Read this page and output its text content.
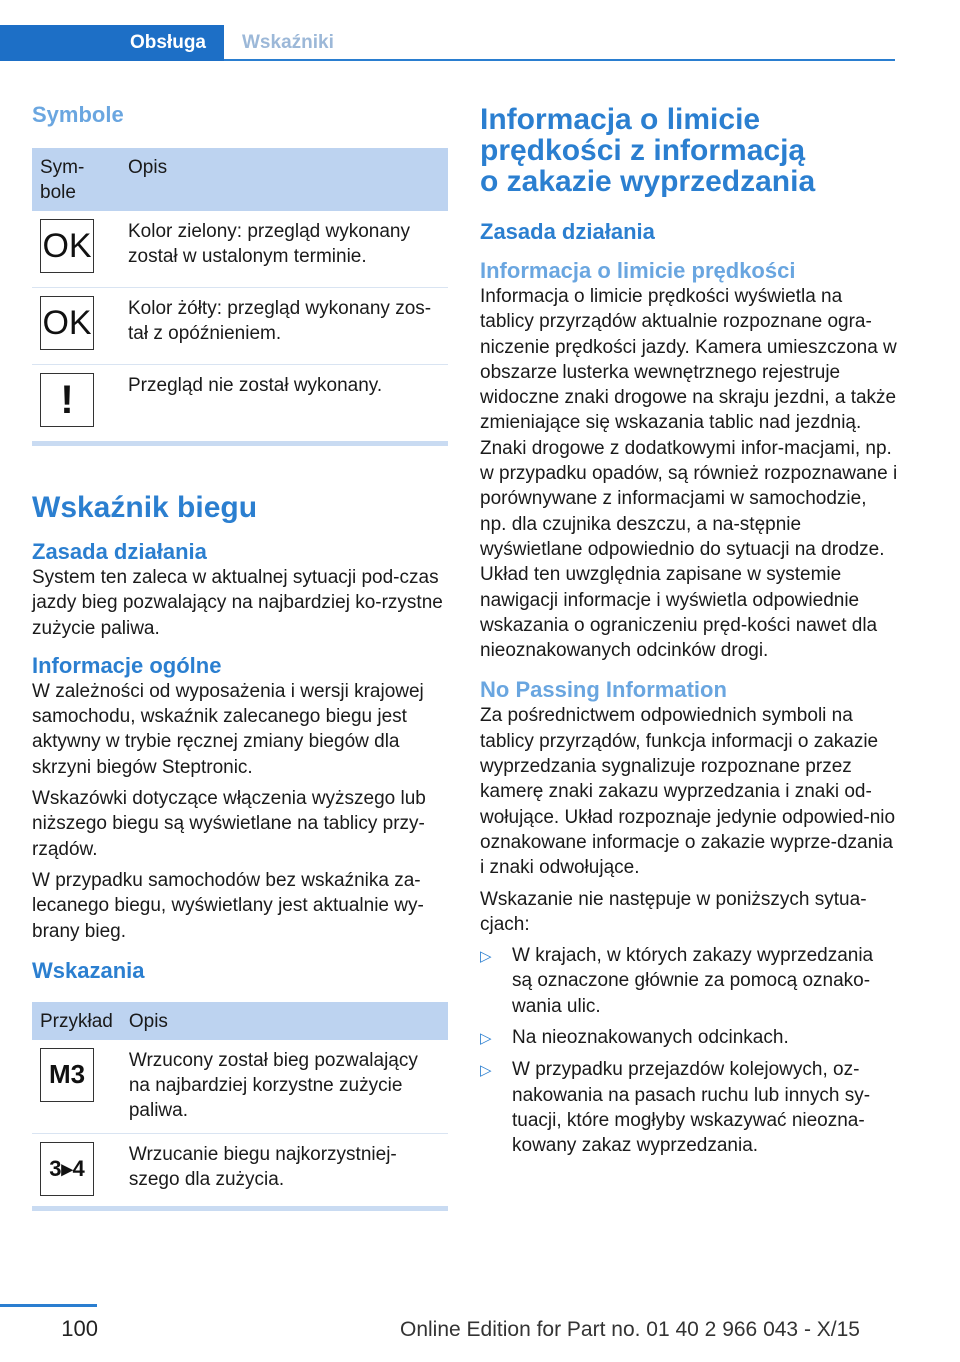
Obsługa	Wskaźniki
Symbole
Sym-
bole	Opis

OK	Kolor zielony: przegląd wykonany został w ustalonym terminie.

OK	Kolor żółty: przegląd wykonany zos-tał z opóźnieniem.

!	Przegląd nie został wykonany.
Wskaźnik biegu
Zasada działania

System ten zaleca w aktualnej sytuacji pod-czas jazdy bieg pozwalający na najbardziej ko-rzystne zużycie paliwa.

Informacje ogólne

W zależności od wyposażenia i wersji krajowej samochodu, wskaźnik zalecanego biegu jest aktywny w trybie ręcznej zmiany biegów dla skrzyni biegów Steptronic.

Wskazówki dotyczące włączenia wyższego lub niższego biegu są wyświetlane na tablicy przy-rządów.

W przypadku samochodów bez wskaźnika za-lecanego biegu, wyświetlany jest aktualnie wy-brany bieg.

Wskazania
Przykład	Opis

M3	Wrzucony został bieg pozwalający na najbardziej korzystne zużycie paliwa.

3▸4	Wrzucanie biegu najkorzystniej-szego dla zużycia.
Informacja o limicie
prędkości z informacją
o zakazie wyprzedzania
Zasada działania
Informacja o limicie prędkości

Informacja o limicie prędkości wyświetla na tablicy przyrządów aktualnie rozpoznane ogra-niczenie prędkości jazdy. Kamera umieszczona w obszarze lusterka wewnętrznego rejestruje widoczne znaki drogowe na skraju jezdni, a także zmieniające się wskazania tablic nad jezdnią. Znaki drogowe z dodatkowymi infor-macjami, np. w przypadku opadów, są również rozpoznawane i porównywane z informacjami w samochodzie, np. dla czujnika deszczu, a na-stępnie wyświetlane odpowiednio do sytuacji na drodze. Układ ten uwzględnia zapisane w systemie nawigacji informacje i wyświetla odpowiednie wskazania o ograniczeniu pręd-kości nawet dla nieoznakowanych odcinków drogi.

No Passing Information

Za pośrednictwem odpowiednich symboli na tablicy przyrządów, funkcja informacji o zakazie wyprzedzania sygnalizuje rozpoznane przez kamerę znaki zakazu wyprzedzania i znaki od-wołujące. Układ rozpoznaje jedynie odpowied-nio oznakowane informacje o zakazie wyprze-dzania i znaki odwołujące.

Wskazanie nie następuje w poniższych sytua-cjach:

▷	W krajach, w których zakazy wyprzedzania są oznaczone głównie za pomocą oznako-wania ulic.
▷	Na nieoznakowanych odcinkach.
▷	W przypadku przejazdów kolejowych, oz-nakowania na pasach ruchu lub innych sy-tuacji, które mogłyby wskazywać nieozna-kowany zakaz wyprzedzania.
100	Online Edition for Part no. 01 40 2 966 043 - X/15
